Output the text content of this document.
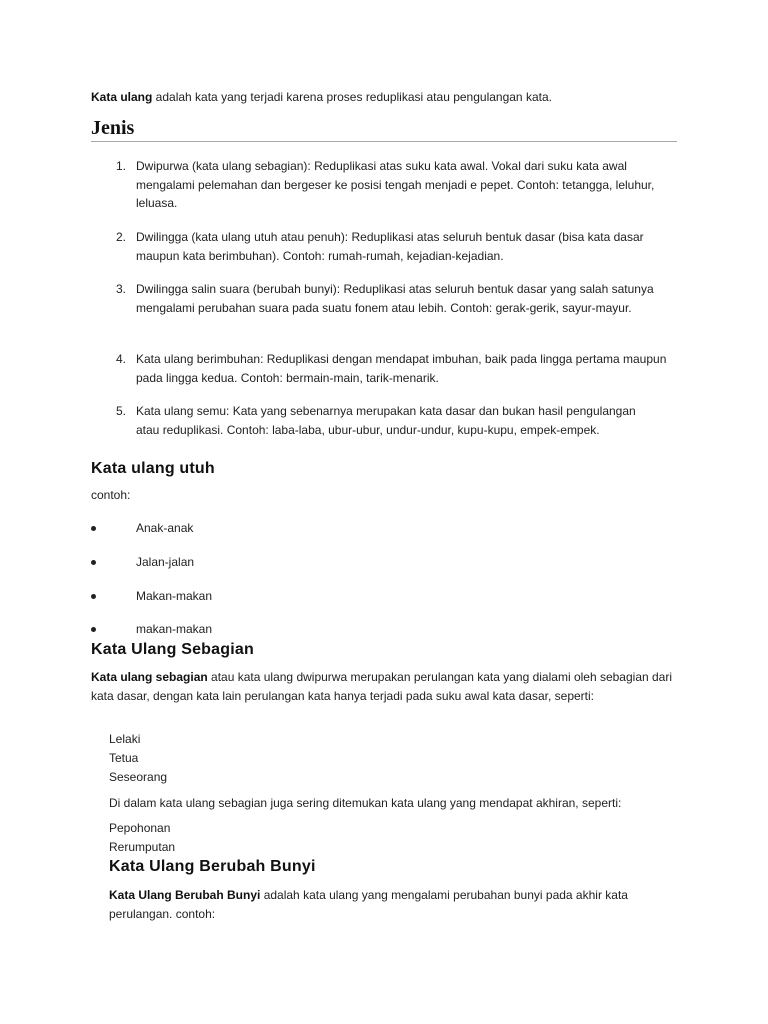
Kata ulang adalah kata yang terjadi karena proses reduplikasi atau pengulangan kata.

Jenis
1. Dwipurwa (kata ulang sebagian): Reduplikasi atas suku kata awal. Vokal dari suku kata awal mengalami pelemahan dan bergeser ke posisi tengah menjadi e pepet. Contoh: tetangga, leluhur, leluasa.
2. Dwilingga (kata ulang utuh atau penuh): Reduplikasi atas seluruh bentuk dasar (bisa kata dasar maupun kata berimbuhan). Contoh: rumah-rumah, kejadian-kejadian.
3. Dwilingga salin suara (berubah bunyi): Reduplikasi atas seluruh bentuk dasar yang salah satunya mengalami perubahan suara pada suatu fonem atau lebih. Contoh: gerak-gerik, sayur-mayur.
4. Kata ulang berimbuhan: Reduplikasi dengan mendapat imbuhan, baik pada lingga pertama maupun pada lingga kedua. Contoh: bermain-main, tarik-menarik.
5. Kata ulang semu: Kata yang sebenarnya merupakan kata dasar dan bukan hasil pengulangan atau reduplikasi. Contoh: laba-laba, ubur-ubur, undur-undur, kupu-kupu, empek-empek.
Kata ulang utuh

contoh:

Anak-anak
Jalan-jalan
Makan-makan
makan-makan
Kata Ulang Sebagian

Kata ulang sebagian atau kata ulang dwipurwa merupakan perulangan kata yang dialami oleh sebagian dari kata dasar, dengan kata lain perulangan kata hanya terjadi pada suku awal kata dasar, seperti:

Lelaki

Tetua

Seseorang

Di dalam kata ulang sebagian juga sering ditemukan kata ulang yang mendapat akhiran, seperti:

Pepohonan

Rerumputan

Kata Ulang Berubah Bunyi

Kata Ulang Berubah Bunyi adalah kata ulang yang mengalami perubahan bunyi pada akhir kata perulangan. contoh:
